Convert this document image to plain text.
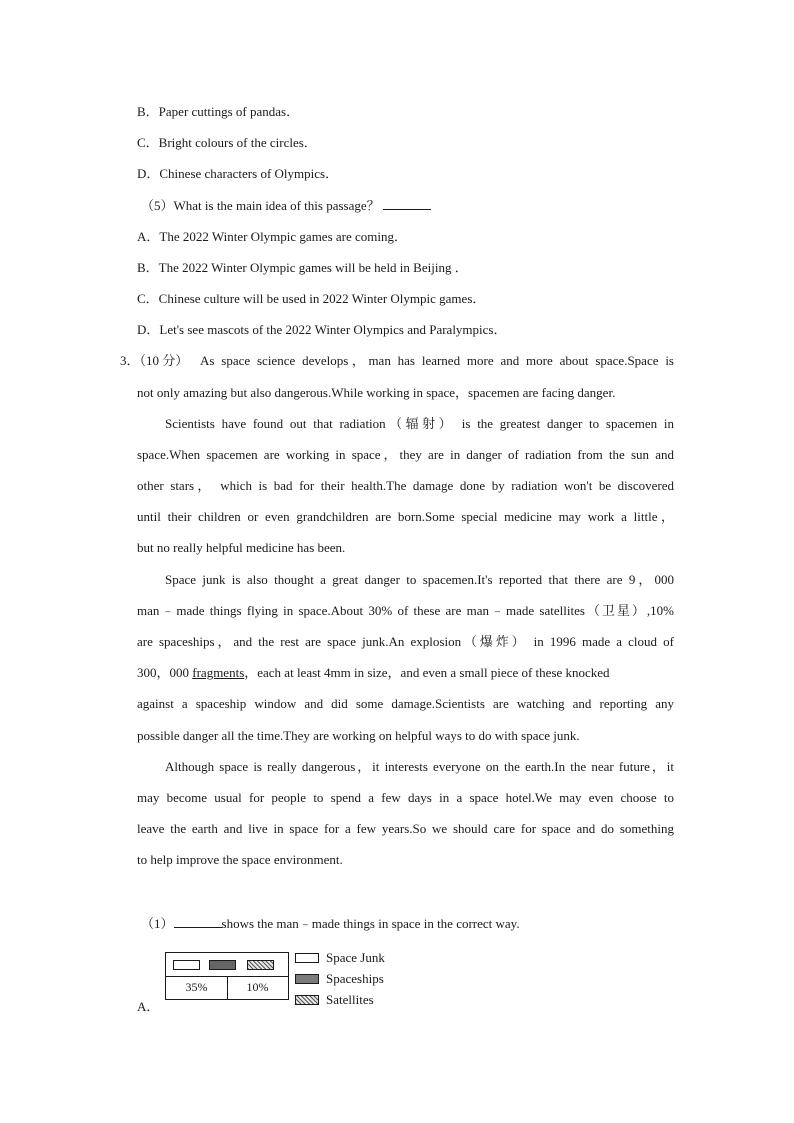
B．Paper cuttings of pandas．
C．Bright colours of the circles．
D．Chinese characters of Olympics．
（5）What is the main idea of this passage？
A．The 2022 Winter Olympic games are coming．
B．The 2022 Winter Olympic games will be held in Beijing ．
C．Chinese culture will be used in 2022 Winter Olympic games．
D．Let's see mascots of the 2022 Winter Olympics and Paralympics．
3．（10 分） As space science develops，man has learned more and more about space.Space is
not only amazing but also dangerous.While working in space，spacemen are facing danger.
Scientists have found out that radiation（辐射） is the greatest danger to spacemen in
space.When spacemen are working in space，they are in danger of radiation from the sun and
other stars， which is bad for their health.The damage done by radiation won't be discovered
until their children or even grandchildren are born.Some special medicine may work a little，
but no really helpful medicine has been.
Space junk is also thought a great danger to spacemen.It's reported that there are 9，000
man﹣made things flying in space.About 30% of these are man﹣made satellites（卫星）,10%
are spaceships，and the rest are space junk.An explosion（爆炸） in 1996 made a cloud of
300，000 fragments，each at least 4mm in size，and even a small piece of these knocked
against a spaceship window and did some damage.Scientists are watching and reporting any
possible danger all the time.They are working on helpful ways to do with space junk.
Although space is really dangerous，it interests everyone on the earth.In the near future，it
may become usual for people to spend a few days in a space hotel.We may even choose to
leave the earth and live in space for a few years.So we should care for space and do something
to help improve the space environment.
（1）	shows the man﹣made things in space in the correct way.
35%	10%
Space Junk
Spaceships
Satellites
A．
